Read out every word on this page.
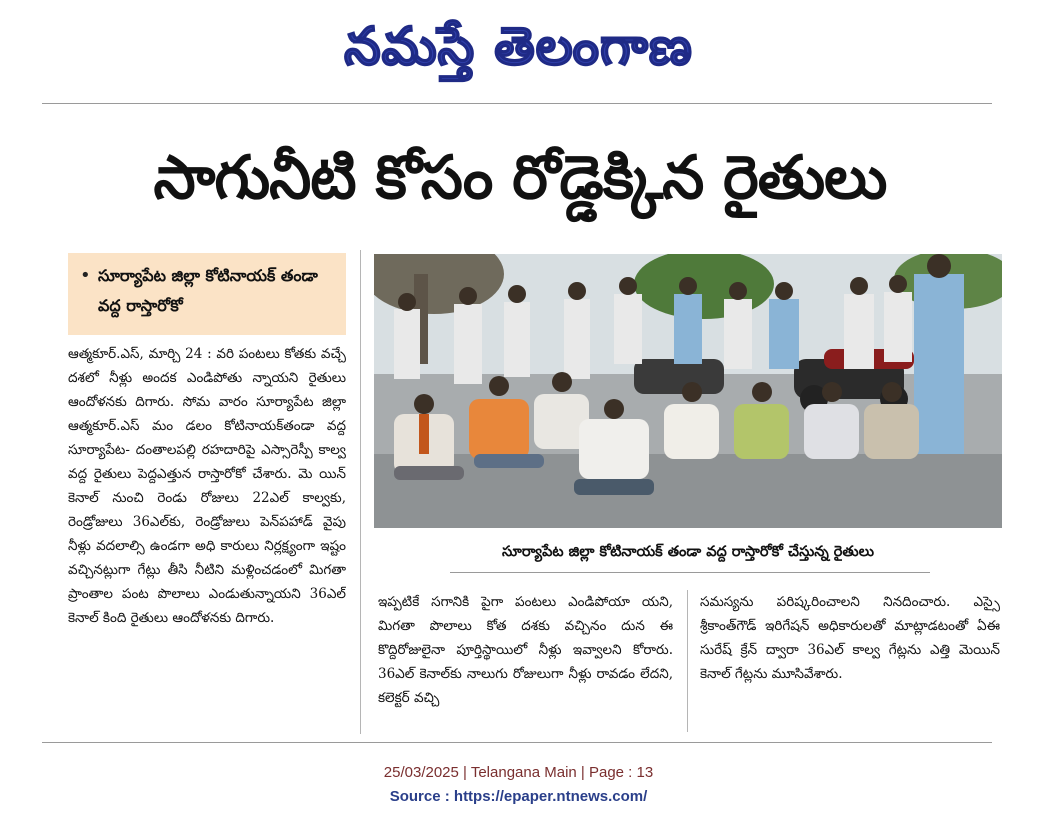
నమస్తే తెలంగాణ
సాగునీటి కోసం రోడ్డెక్కిన రైతులు
• సూర్యాపేట జిల్లా కోటినాయక్ తండా వద్ద రాస్తారోకో
ఆత్మకూర్.ఎస్, మార్చి 24 : వరి పంటలు కోతకు వచ్చే దశలో నీళ్లు అందక ఎండిపోతు న్నాయని రైతులు ఆందోళనకు దిగారు. సోమ వారం సూర్యాపేట జిల్లా ఆత్మకూర్.ఎస్ మం డలం కోటినాయక్‌తండా వద్ద సూర్యాపేట- దంతాలపల్లి రహదారిపై ఎస్సారెస్పీ కాల్వ వద్ద రైతులు పెద్దఎత్తున రాస్తారోకో చేశారు. మె యిన్ కెనాల్ నుంచి రెండు రోజులు 22ఎల్ కాల్వకు, రెండ్రోజులు 36ఎల్‌కు, రెండ్రోజులు పెన్‌పహాడ్ వైపు నీళ్లు వదలాల్సి ఉండగా అధి కారులు నిర్లక్ష్యంగా ఇష్టం వచ్చినట్లుగా గేట్లు తీసి నీటిని మళ్లించడంలో మిగతా ప్రాంతాల పంట పొలాలు ఎండుతున్నాయని 36ఎల్ కెనాల్ కింది రైతులు ఆందోళనకు దిగారు.
సూర్యాపేట జిల్లా కోటినాయక్ తండా వద్ద రాస్తారోకో చేస్తున్న రైతులు
ఇప్పటికే సగానికి పైగా పంటలు ఎండిపోయా యని, మిగతా పొలాలు కోత దశకు వచ్చినం దున ఈ కొద్దిరోజులైనా పూర్తిస్థాయిలో నీళ్లు ఇవ్వాలని కోరారు. 36ఎల్ కెనాల్‌కు నాలుగు రోజులుగా నీళ్లు రావడం లేదని, కలెక్టర్ వచ్చి
సమస్యను పరిష్కరించాలని నినదించారు. ఎస్సై శ్రీకాంత్‌గౌడ్ ఇరిగేషన్ అధికారులతో మాట్లాడటంతో ఏఈ సురేష్ క్రేన్ ద్వారా 36ఎల్ కాల్వ గేట్లను ఎత్తి మెయిన్ కెనాల్ గేట్లను మూసివేశారు.
25/03/2025 | Telangana Main | Page : 13
Source : https://epaper.ntnews.com/
